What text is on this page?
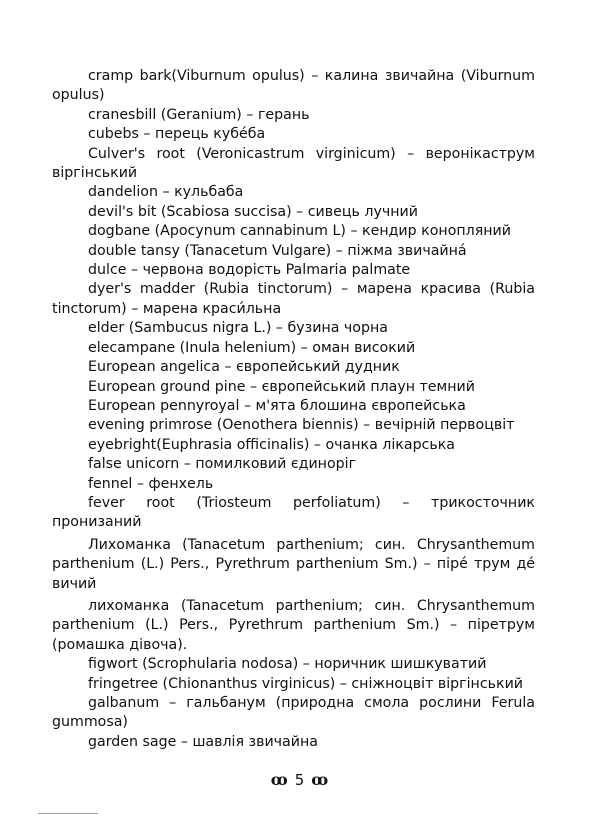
cramp bark(Viburnum opulus) – калина звичайна (Viburnum opulus)

cranesbill (Geranium) – герань

cubebs – перець кубе́ба

Culver's root (Veronicastrum virginicum) – веронікаструм віргінський

dandelion – кульбаба

devil's bit (Scabiosa succisa) – сивець лучний

dogbane (Apocynum cannabinum L) – кендир конопляний

double tansy (Tanacetum Vulgare) – піжма звичайна́

dulce – червона водорість Palmaria palmate

dyer's madder (Rubia tinctorum) – марена красива (Rubia tinctorum) – марена краси́льна

elder (Sambucus nigra L.) – бузина чорна

elecampane (Inula helenium) – оман високий

European angelica – європейський дудник

European ground pine – європейський плаун темний

European pennyroyal – м'ята блошина європейська

evening primrose (Oenothera biennis) – вечірній первоцвіт

eyebright(Euphrasia officinalis) – очанка лікарська

false unicorn – помилковий єдиноріг

fennel – фенхель

fever root (Triosteum perfoliatum) – трикосточник пронизаний

Лихоманка (Tanacetum parthenium; син. Chrysanthemum parthenium (L.) Pers., Pyrethrum parthenium Sm.) – пірé трум дé вичий

лихоманка (Tanacetum parthenium; син. Chrysanthemum parthenium (L.) Pers., Pyrethrum parthenium Sm.) – пiретрум (ромашка дівоча).

figwort (Scrophularia nodosa) – норичник шишкуватий

fringetree (Chionanthus virginicus) – сніжноцвіт віргінський

galbanum – гальбанум (природна смола рослини Ferula gummosa)

garden sage – шавлія звичайна

ꝏ 5 ꝏ
